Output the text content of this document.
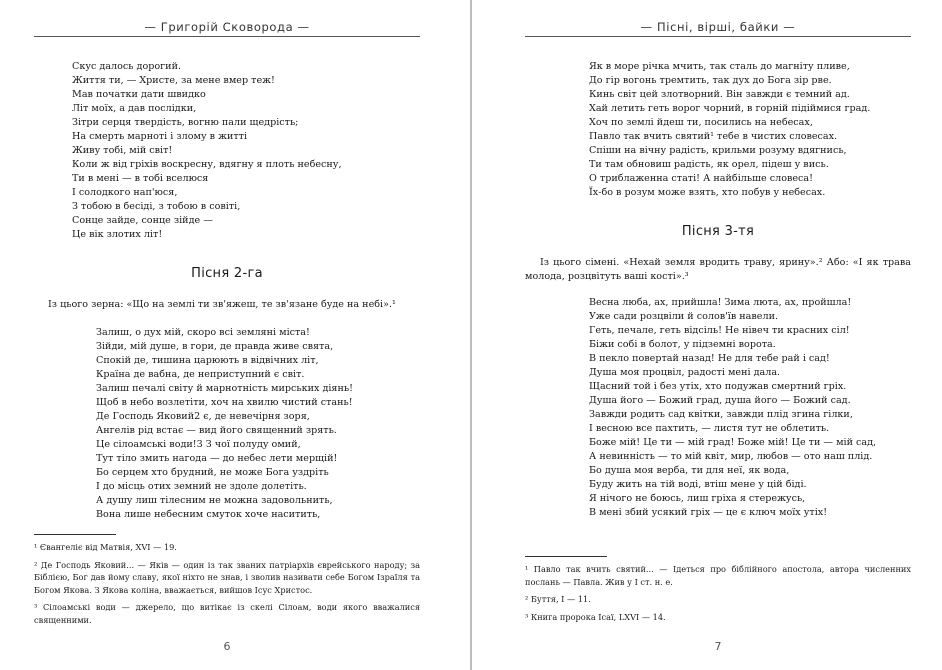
— Григорій Сковорода —
Скус далось дорогий.
Життя ти, — Христе, за мене вмер теж!
Мав початки дати швидко
Літ моїх, а дав послідки,
Зітри серця твердість, вогню пали щедрість;
На смерть марноті і злому в житті
Живу тобі, мій світ!
Коли ж від гріхів воскресну, вдягну я плоть небесну,
Ти в мені — в тобі вселюся
І солодкого нап'юся,
З тобою в бесіді, з тобою в совіті,
Сонце зайде, сонце зійде —
Це вік злотих літ!
Пісня 2-га
Із цього зерна: «Що на землі ти зв'яжеш, те зв'язане буде на небі».¹
Залиш, о дух мій, скоро всі земляні міста!
Зійди, мій душе, в гори, де правда живе свята,
Спокій де, тишина царюють в відвічних літ,
Країна де вабна, де неприступний є світ.
Залиш печалі світу й марнотність мирських діянь!
Щоб в небо возлетіти, хоч на хвилю чистий стань!
Де Господь Яковий2 є, де невечірня зоря,
Ангелів рід встає — вид його священний зрять.
Це сілоамські води!3 З чої полуду омий,
Тут тіло змить нагода — до небес лети мерщій!
Бо серцем хто брудний, не може Бога уздріть
І до місць отих земний не здоле долетіть.
А душу лиш тілесним не можна задовольнить,
Вона лише небесним смуток хоче наситить,
¹ Євангеліє від Матвія, XVI — 19.
² Де Господь Яковий... — Яків — один із так званих патріархів єврейського народу; за Біблією, Бог дав йому славу, якої ніхто не знав, і зволив називати себе Богом Ізраїля та Богом Якова. З Якова коліна, вважається, вийшов Ісус Христос.
³ Сілоамські води — джерело, що витікає із скелі Сілоам, води якого вважалися священними.
6
— Пісні, вірші, байки —
Як в море річка мчить, так сталь до магніту пливе,
До гір вогонь тремтить, так дух до Бога зір рве.
Кинь світ цей злотворний. Він завжди є темний ад.
Хай летить геть ворог чорний, в горній підіймися град.
Хоч по землі йдеш ти, посились на небесах,
Павло так вчить святий¹ тебе в чистих словесах.
Спіши на вічну радість, крильми розуму вдягнись,
Ти там обновиш радість, як орел, підеш у вись.
О триблаженна статі! А найбільше словеса!
Їх-бо в розум може взять, хто побув у небесах.
Пісня 3-тя
Із цього сімені. «Нехай земля вродить траву, ярину».² Або: «І як трава молода, розцвітуть ваші кості».³
Весна люба, ах, прийшла! Зима люта, ах, пройшла!
Уже сади розцвіли й солов'їв навели.
Геть, печале, геть відсіль! Не нівеч ти красних сіл!
Біжи собі в болот, у підземні ворота.
В пекло повертай назад! Не для тебе рай і сад!
Душа моя процвіл, радості мені дала.
Щасний той і без утіх, хто подужав смертний гріх.
Душа його — Божий град, душа його — Божий сад.
Завжди родить сад квітки, завжди плід згина гілки,
І весною все пахтить, — листя тут не облетить.
Боже мій! Це ти — мій град! Боже мій! Це ти — мій сад,
А невинність — то мій квіт, мир, любов — ото наш плід.
Бо душа моя верба, ти для неї, як вода,
Буду жить на тій воді, втіш мене у цій біді.
Я нічого не боюсь, лиш гріха я стережусь,
В мені збий усякий гріх — це є ключ моїх утіх!
¹ Павло так вчить святий... — Ідеться про біблійного апостола, автора численних послань — Павла. Жив у І ст. н. е.
² Буття, І — 11.
³ Книга пророка Ісаї, LXVI — 14.
7
